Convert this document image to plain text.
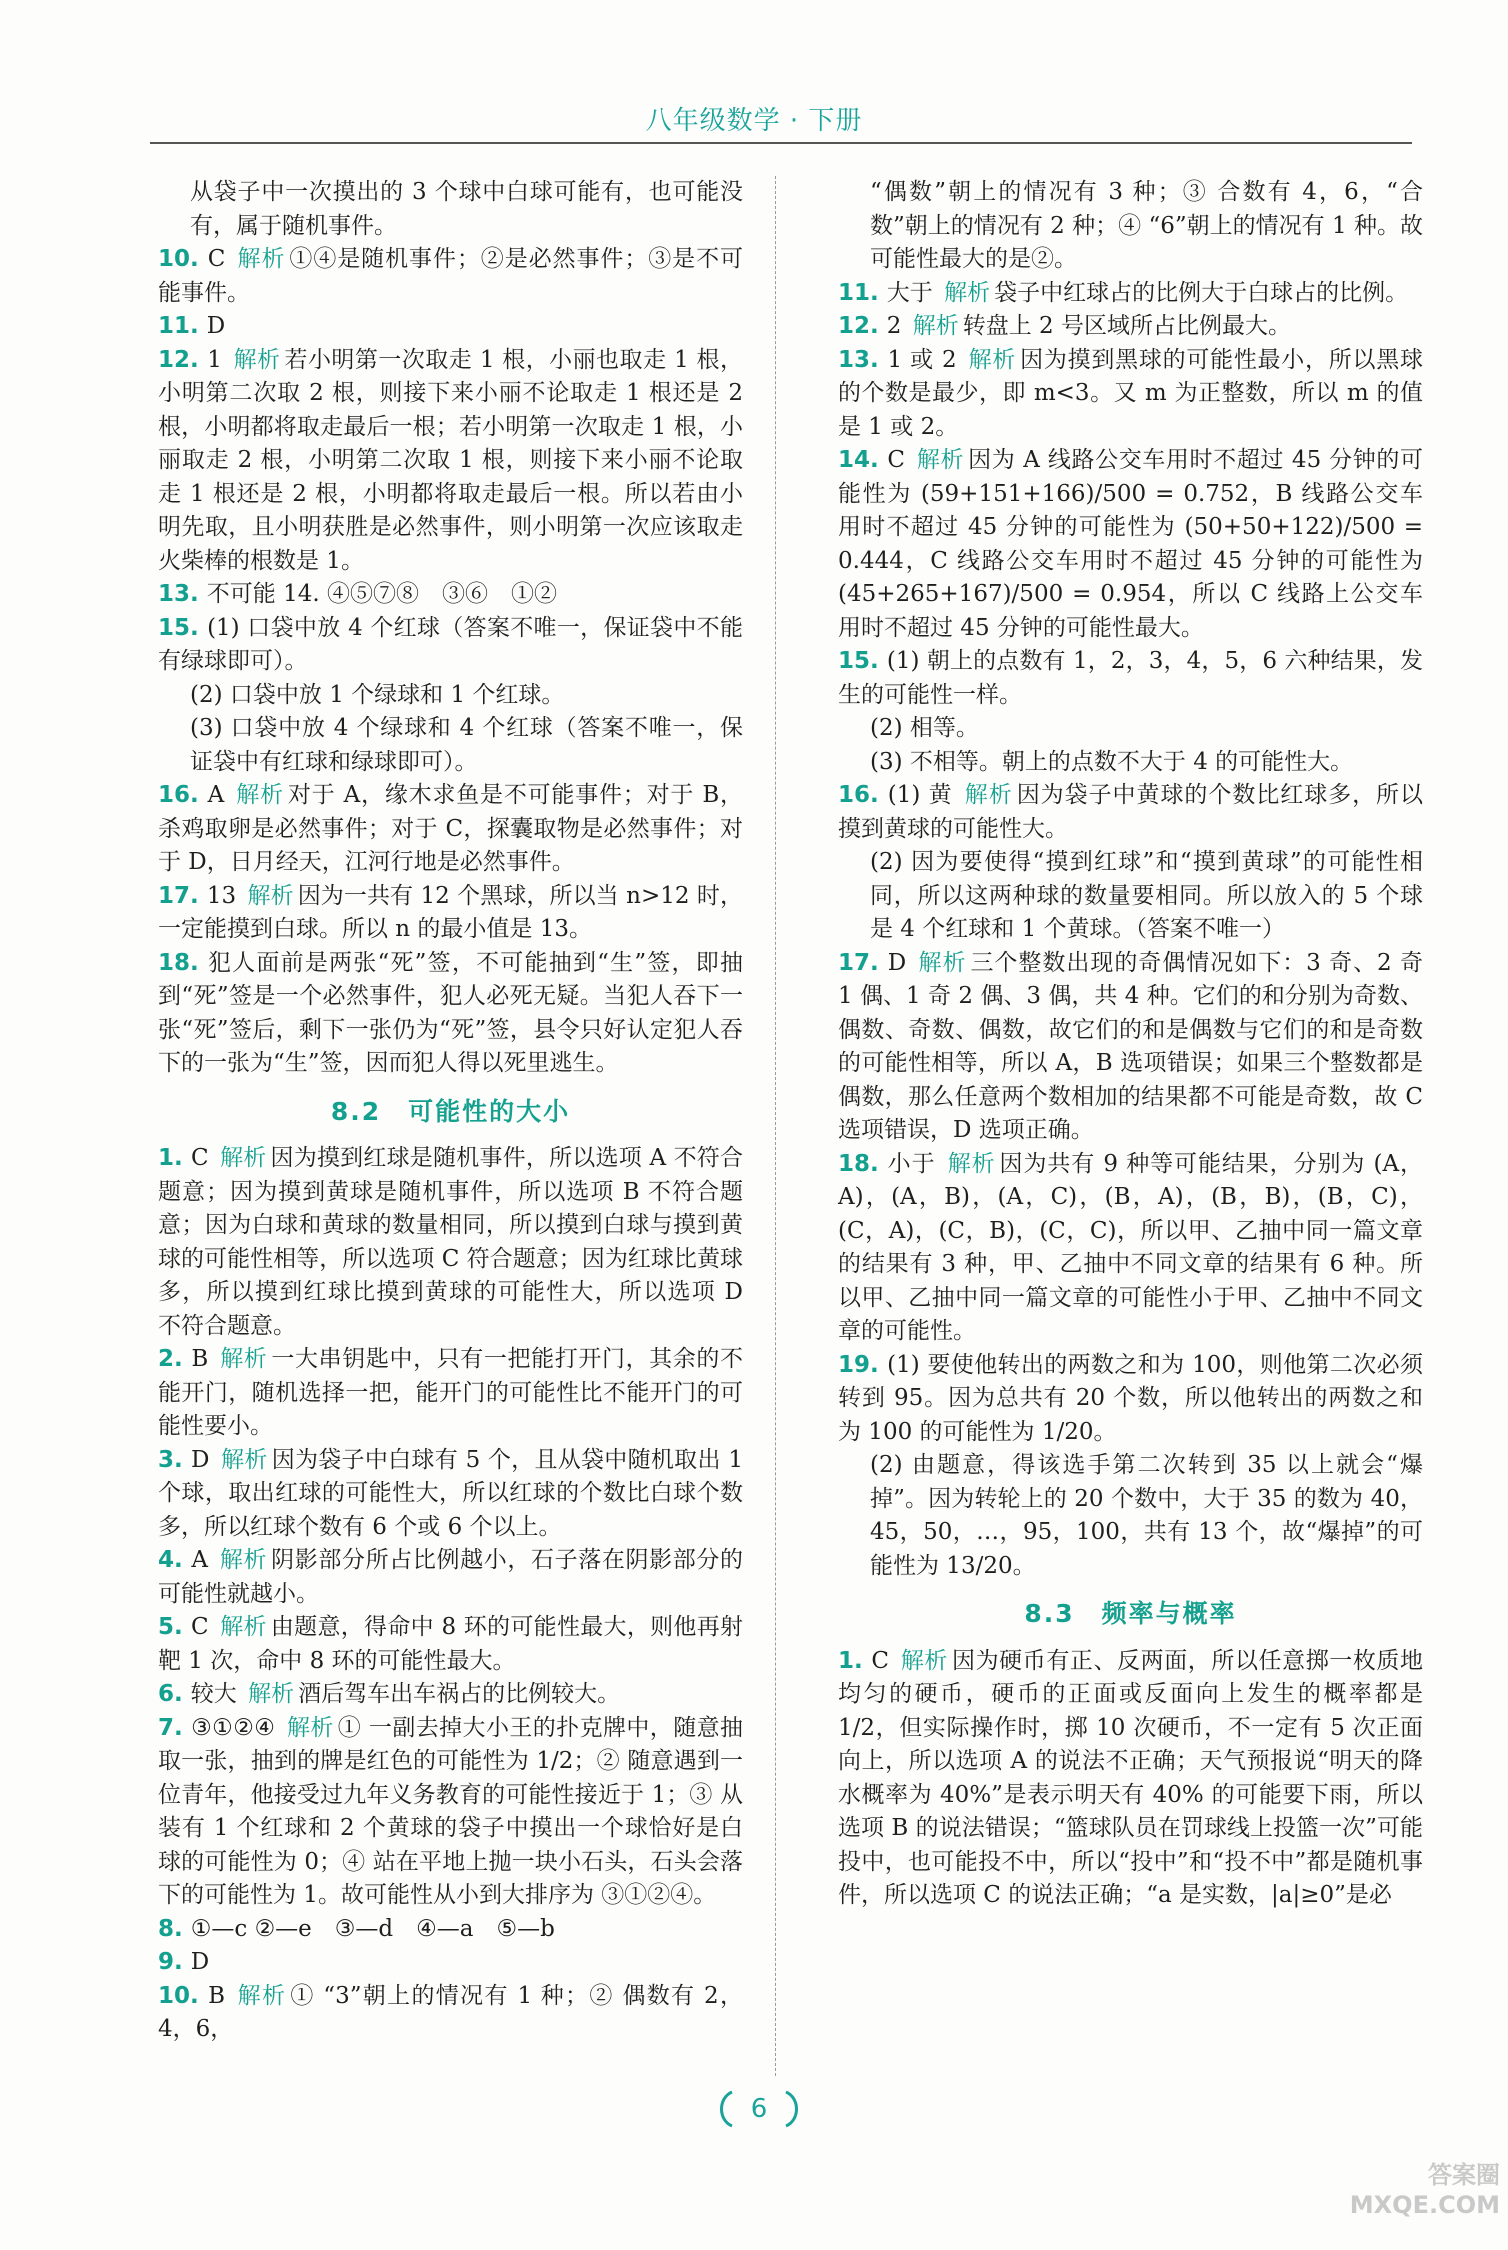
八年级数学 · 下册
从袋子中一次摸出的 3 个球中白球可能有，也可能没有，属于随机事件。
10. C 解析 ①④是随机事件；②是必然事件；③是不可能事件。
11. D
12. 1 解析 若小明第一次取走 1 根，小丽也取走 1 根，小明第二次取 2 根，则接下来小丽不论取走 1 根还是 2 根，小明都将取走最后一根；若小明第一次取走 1 根，小丽取走 2 根，小明第二次取 1 根，则接下来小丽不论取走 1 根还是 2 根，小明都将取走最后一根。所以若由小明先取，且小明获胜是必然事件，则小明第一次应该取走火柴棒的根数是 1。
13. 不可能 14. ④⑤⑦⑧　③⑥　①②
15. (1) 口袋中放 4 个红球（答案不唯一，保证袋中不能有绿球即可）。
(2) 口袋中放 1 个绿球和 1 个红球。
(3) 口袋中放 4 个绿球和 4 个红球（答案不唯一，保证袋中有红球和绿球即可）。
16. A 解析 对于 A，缘木求鱼是不可能事件；对于 B，杀鸡取卵是必然事件；对于 C，探囊取物是必然事件；对于 D，日月经天，江河行地是必然事件。
17. 13 解析 因为一共有 12 个黑球，所以当 n>12 时，一定能摸到白球。所以 n 的最小值是 13。
18. 犯人面前是两张“死”签，不可能抽到“生”签，即抽到“死”签是一个必然事件，犯人必死无疑。当犯人吞下一张“死”签后，剩下一张仍为“死”签，县令只好认定犯人吞下的一张为“生”签，因而犯人得以死里逃生。
8.2　可能性的大小
1. C 解析 因为摸到红球是随机事件，所以选项 A 不符合题意；因为摸到黄球是随机事件，所以选项 B 不符合题意；因为白球和黄球的数量相同，所以摸到白球与摸到黄球的可能性相等，所以选项 C 符合题意；因为红球比黄球多，所以摸到红球比摸到黄球的可能性大，所以选项 D 不符合题意。
2. B 解析 一大串钥匙中，只有一把能打开门，其余的不能开门，随机选择一把，能开门的可能性比不能开门的可能性要小。
3. D 解析 因为袋子中白球有 5 个，且从袋中随机取出 1 个球，取出红球的可能性大，所以红球的个数比白球个数多，所以红球个数有 6 个或 6 个以上。
4. A 解析 阴影部分所占比例越小，石子落在阴影部分的可能性就越小。
5. C 解析 由题意，得命中 8 环的可能性最大，则他再射靶 1 次，命中 8 环的可能性最大。
6. 较大 解析 酒后驾车出车祸占的比例较大。
7. ③①②④ 解析 ① 一副去掉大小王的扑克牌中，随意抽取一张，抽到的牌是红色的可能性为 1/2；② 随意遇到一位青年，他接受过九年义务教育的可能性接近于 1；③ 从装有 1 个红球和 2 个黄球的袋子中摸出一个球恰好是白球的可能性为 0；④ 站在平地上抛一块小石头，石头会落下的可能性为 1。故可能性从小到大排序为 ③①②④。
8. ①—c ②—e　③—d　④—a　⑤—b
9. D
10. B 解析 ① “3”朝上的情况有 1 种；② 偶数有 2，4，6，
“偶数”朝上的情况有 3 种；③ 合数有 4，6，“合数”朝上的情况有 2 种；④ “6”朝上的情况有 1 种。故可能性最大的是②。
11. 大于 解析 袋子中红球占的比例大于白球占的比例。
12. 2 解析 转盘上 2 号区域所占比例最大。
13. 1 或 2 解析 因为摸到黑球的可能性最小，所以黑球的个数是最少，即 m<3。又 m 为正整数，所以 m 的值是 1 或 2。
14. C 解析 因为 A 线路公交车用时不超过 45 分钟的可能性为 (59+151+166)/500 = 0.752，B 线路公交车用时不超过 45 分钟的可能性为 (50+50+122)/500 = 0.444，C 线路公交车用时不超过 45 分钟的可能性为 (45+265+167)/500 = 0.954，所以 C 线路上公交车用时不超过 45 分钟的可能性最大。
15. (1) 朝上的点数有 1，2，3，4，5，6 六种结果，发生的可能性一样。
(2) 相等。
(3) 不相等。朝上的点数不大于 4 的可能性大。
16. (1) 黄 解析 因为袋子中黄球的个数比红球多，所以摸到黄球的可能性大。
(2) 因为要使得“摸到红球”和“摸到黄球”的可能性相同，所以这两种球的数量要相同。所以放入的 5 个球是 4 个红球和 1 个黄球。（答案不唯一）
17. D 解析 三个整数出现的奇偶情况如下：3 奇、2 奇 1 偶、1 奇 2 偶、3 偶，共 4 种。它们的和分别为奇数、偶数、奇数、偶数，故它们的和是偶数与它们的和是奇数的可能性相等，所以 A，B 选项错误；如果三个整数都是偶数，那么任意两个数相加的结果都不可能是奇数，故 C 选项错误，D 选项正确。
18. 小于 解析 因为共有 9 种等可能结果，分别为 (A，A)，(A，B)，(A，C)，(B，A)，(B，B)，(B，C)，(C，A)，(C，B)，(C，C)，所以甲、乙抽中同一篇文章的结果有 3 种，甲、乙抽中不同文章的结果有 6 种。所以甲、乙抽中同一篇文章的可能性小于甲、乙抽中不同文章的可能性。
19. (1) 要使他转出的两数之和为 100，则他第二次必须转到 95。因为总共有 20 个数，所以他转出的两数之和为 100 的可能性为 1/20。
(2) 由题意，得该选手第二次转到 35 以上就会“爆掉”。因为转轮上的 20 个数中，大于 35 的数为 40，45，50，…，95，100，共有 13 个，故“爆掉”的可能性为 13/20。
8.3　频率与概率
1. C 解析 因为硬币有正、反两面，所以任意掷一枚质地均匀的硬币，硬币的正面或反面向上发生的概率都是 1/2，但实际操作时，掷 10 次硬币，不一定有 5 次正面向上，所以选项 A 的说法不正确；天气预报说“明天的降水概率为 40%”是表示明天有 40% 的可能要下雨，所以选项 B 的说法错误；“篮球队员在罚球线上投篮一次”可能投中，也可能投不中，所以“投中”和“投不中”都是随机事件，所以选项 C 的说法正确；“a 是实数，|a|≥0”是必
6
答案圈
MXQE.COM
